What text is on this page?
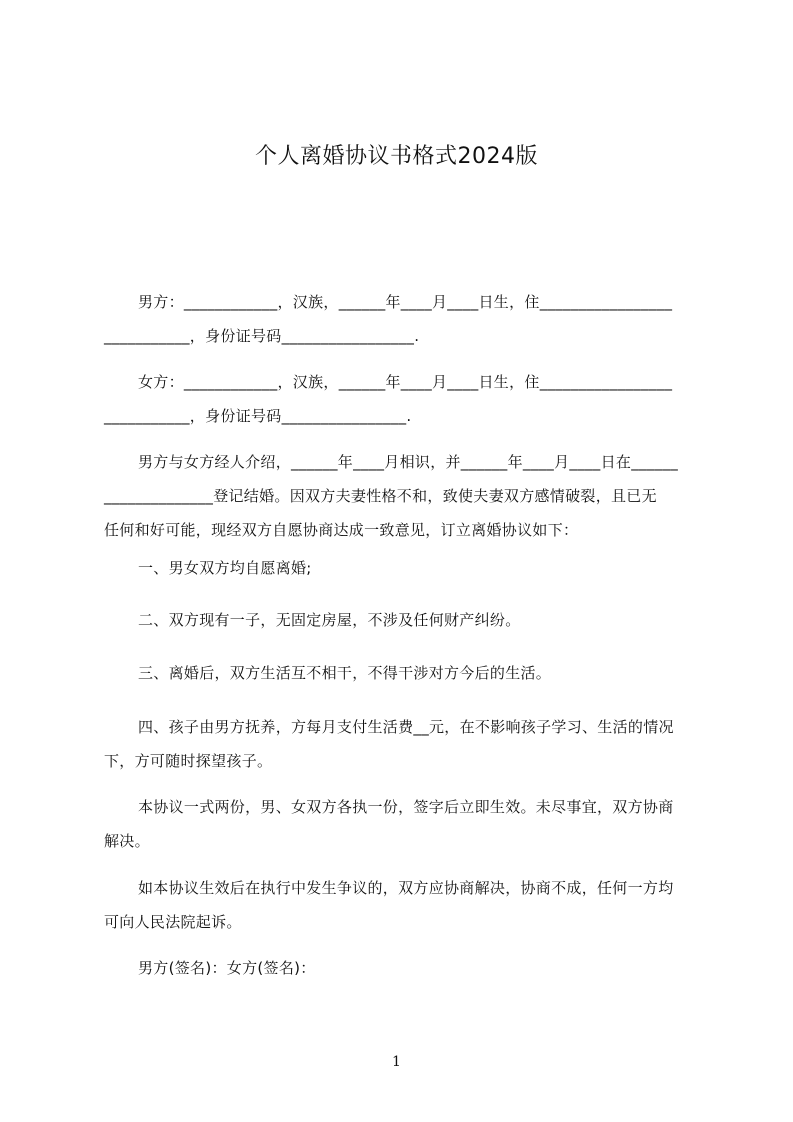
个人离婚协议书格式2024版
男方：____________，汉族，______年____月____日生，住_________________
___________，身份证号码_________________.
女方：____________，汉族，______年____月____日生，住_________________
___________，身份证号码________________.
男方与女方经人介绍，______年____月相识，并______年____月____日在______
______________登记结婚。因双方夫妻性格不和，致使夫妻双方感情破裂，且已无
任何和好可能，现经双方自愿协商达成一致意见，订立离婚协议如下：
一、男女双方均自愿离婚;
二、双方现有一子，无固定房屋，不涉及任何财产纠纷。
三、离婚后，双方生活互不相干，不得干涉对方今后的生活。
四、孩子由男方抚养，方每月支付生活费__元，在不影响孩子学习、生活的情况
下，方可随时探望孩子。
本协议一式两份，男、女双方各执一份，签字后立即生效。未尽事宜，双方协商
解决。
如本协议生效后在执行中发生争议的，双方应协商解决，协商不成，任何一方均
可向人民法院起诉。
男方(签名)：女方(签名)：
1
